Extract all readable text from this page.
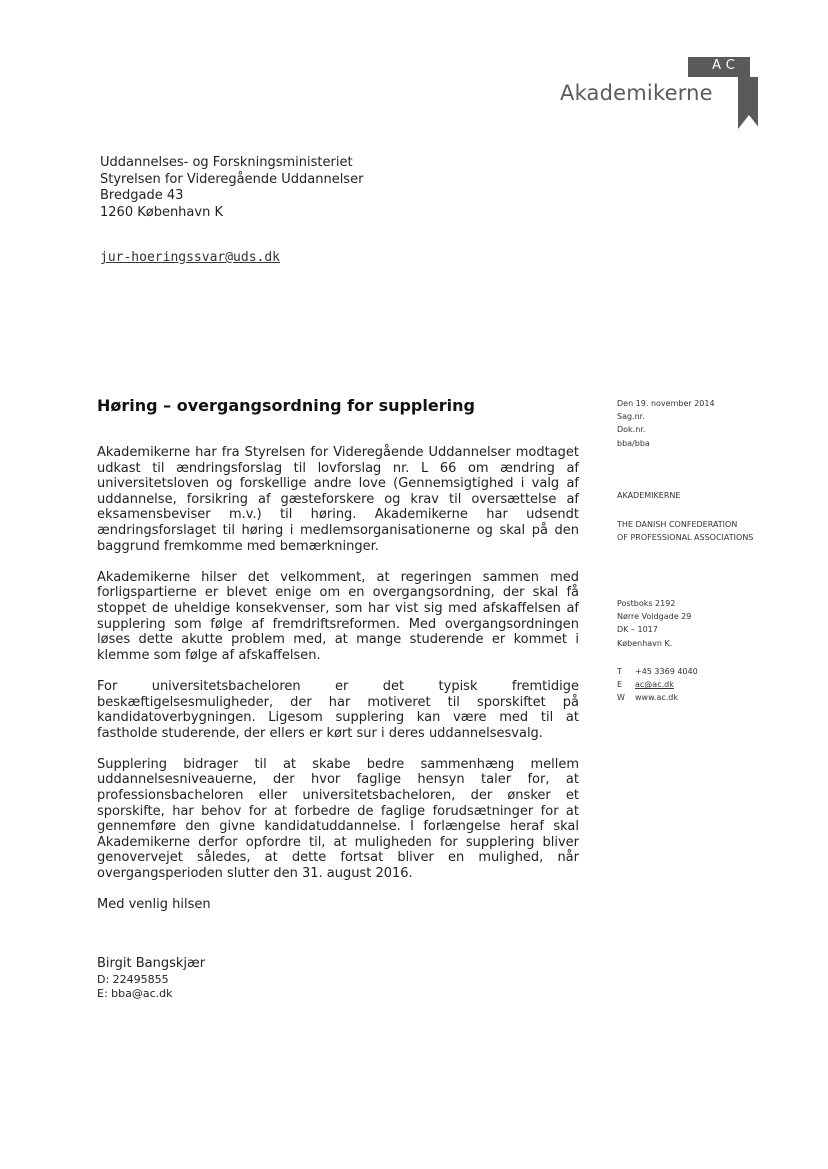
AC
Akademikerne
Uddannelses- og Forskningsministeriet
Styrelsen for Videregående Uddannelser
Bredgade 43
1260 København K
jur-hoeringssvar@uds.dk
Høring – overgangsordning for supplering

Akademikerne har fra Styrelsen for Videregående Uddannelser modtaget udkast til ændringsforslag til lovforslag nr. L 66 om ændring af universitetsloven og forskellige andre love (Gennemsigtighed i valg af uddannelse, forsikring af gæsteforskere og krav til oversættelse af eksamensbeviser m.v.) til høring. Akademikerne har udsendt ændringsforslaget til høring i medlemsorganisationerne og skal på den baggrund fremkomme med bemærkninger.

Akademikerne hilser det velkomment, at regeringen sammen med forligspartierne er blevet enige om en overgangsordning, der skal få stoppet de uheldige konsekvenser, som har vist sig med afskaffelsen af supplering som følge af fremdriftsreformen. Med overgangsordningen løses dette akutte problem med, at mange studerende er kommet i klemme som følge af afskaffelsen.

For universitetsbacheloren er det typisk fremtidige beskæftigelsesmuligheder, der har motiveret til sporskiftet på kandidatoverbygningen. Ligesom supplering kan være med til at fastholde studerende, der ellers er kørt sur i deres uddannelsesvalg.

Supplering bidrager til at skabe bedre sammenhæng mellem uddannelsesniveauerne, der hvor faglige hensyn taler for, at professionsbacheloren eller universitetsbacheloren, der ønsker et sporskifte, har behov for at forbedre de faglige forudsætninger for at gennemføre den givne kandidatuddannelse. I forlængelse heraf skal Akademikerne derfor opfordre til, at muligheden for supplering bliver genovervejet således, at dette fortsat bliver en mulighed, når overgangsperioden slutter den 31. august 2016.

Med venlig hilsen

Birgit Bangskjær
D: 22495855
E: bba@ac.dk
Den 19. november 2014
Sag.nr.
Dok.nr.
bba/bba
AKADEMIKERNE
THE DANISH CONFEDERATION
OF PROFESSIONAL ASSOCIATIONS
Postboks 2192
Nørre Voldgade 29
DK – 1017
København K.
T	+45 3369 4040
E	ac@ac.dk
W	www.ac.dk
